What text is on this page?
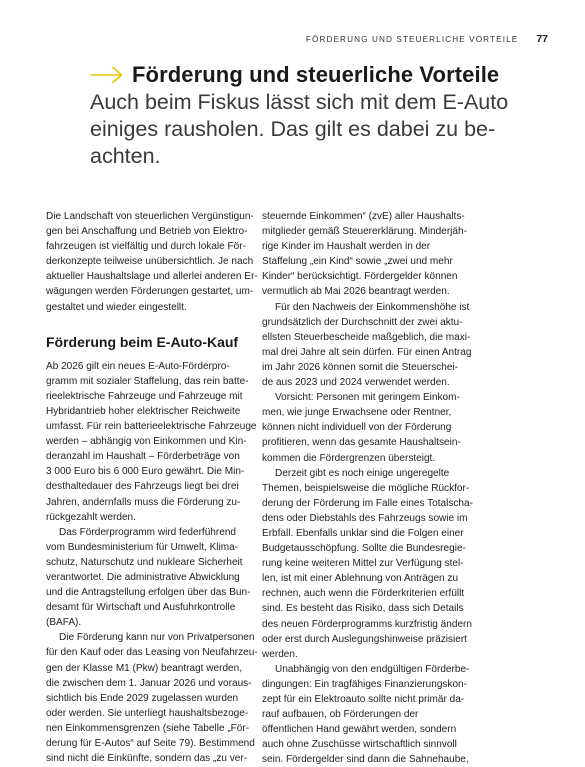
FÖRDERUNG UND STEUERLICHE VORTEILE 77
Förderung und steuerliche Vorteile
Auch beim Fiskus lässt sich mit dem E-Auto
einiges rausholen. Das gilt es dabei zu be-
achten.

Die Landschaft von steuerlichen Vergünstigun-
gen bei Anschaffung und Betrieb von Elektro-
fahrzeugen ist vielfältig und durch lokale För-
derkonzepte teilweise unübersichtlich. Je nach
aktueller Haushaltslage und allerlei anderen Er-
wägungen werden Förderungen gestartet, um-
gestaltet und wieder eingestellt.

Förderung beim E-Auto-Kauf

Ab 2026 gilt ein neues E-Auto-Förderpro-
gramm mit sozialer Staffelung, das rein batte-
rieelektrische Fahrzeuge und Fahrzeuge mit
Hybridantrieb hoher elektrischer Reichweite
umfasst. Für rein batterieelektrische Fahrzeuge
werden – abhängig von Einkommen und Kin-
deranzahl im Haushalt – Förderbeträge von
3 000 Euro bis 6 000 Euro gewährt. Die Min-
desthaltedauer des Fahrzeugs liegt bei drei
Jahren, andernfalls muss die Förderung zu-
rückgezahlt werden.

Das Förderprogramm wird federführend
vom Bundesministerium für Umwelt, Klima-
schutz, Naturschutz und nukleare Sicherheit
verantwortet. Die administrative Abwicklung
und die Antragstellung erfolgen über das Bun-
desamt für Wirtschaft und Ausfuhrkontrolle
(BAFA).

Die Förderung kann nur von Privatpersonen
für den Kauf oder das Leasing von Neufahrzeu-
gen der Klasse M1 (Pkw) beantragt werden,
die zwischen dem 1. Januar 2026 und voraus-
sichtlich bis Ende 2029 zugelassen wurden
oder werden. Sie unterliegt haushaltsbezoge-
nen Einkommensgrenzen (siehe Tabelle „För-
derung für E-Autos“ auf Seite 79). Bestimmend
sind nicht die Einkünfte, sondern das „zu ver-

steuernde Einkommen“ (zvE) aller Haushalts-
mitglieder gemäß Steuererklärung. Minderjäh-
rige Kinder im Haushalt werden in der
Staffelung „ein Kind“ sowie „zwei und mehr
Kinder“ berücksichtigt. Fördergelder können
vermutlich ab Mai 2026 beantragt werden.

Für den Nachweis der Einkommenshöhe ist
grundsätzlich der Durchschnitt der zwei aktu-
ellsten Steuerbescheide maßgeblich, die maxi-
mal drei Jahre alt sein dürfen. Für einen Antrag
im Jahr 2026 können somit die Steuerschei-
de aus 2023 und 2024 verwendet werden.

Vorsicht: Personen mit geringem Einkom-
men, wie junge Erwachsene oder Rentner,
können nicht individuell von der Förderung
profitieren, wenn das gesamte Haushaltsein-
kommen die Fördergrenzen übersteigt.

Derzeit gibt es noch einige ungeregelte
Themen, beispielsweise die mögliche Rückfor-
derung der Förderung im Falle eines Totalscha-
dens oder Diebstahls des Fahrzeugs sowie im
Erbfall. Ebenfalls unklar sind die Folgen einer
Budgetausschöpfung. Sollte die Bundesregie-
rung keine weiteren Mittel zur Verfügung stel-
len, ist mit einer Ablehnung von Anträgen zu
rechnen, auch wenn die Förderkriterien erfüllt
sind. Es besteht das Risiko, dass sich Details
des neuen Förderprogramms kurzfristig ändern
oder erst durch Auslegungshinweise präzisiert
werden.

Unabhängig von den endgültigen Förderbe-
dingungen: Ein tragfähiges Finanzierungskon-
zept für ein Elektroauto sollte nicht primär da-
rauf aufbauen, ob Förderungen der
öffentlichen Hand gewährt werden, sondern
auch ohne Zuschüsse wirtschaftlich sinnvoll
sein. Fördergelder sind dann die Sahnehaube,
